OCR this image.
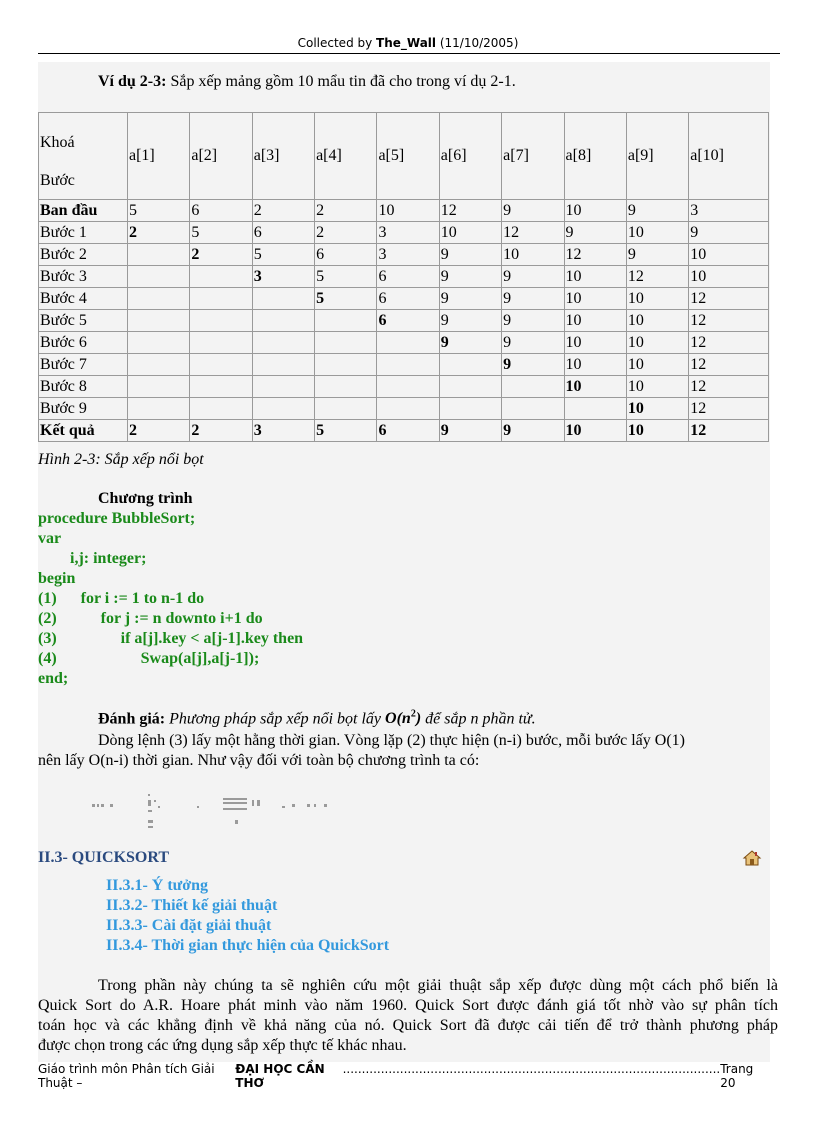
Collected by The_Wall (11/10/2005)
Ví dụ 2-3: Sắp xếp mảng gồm 10 mẩu tin đã cho trong ví dụ 2-1.
Khoá
Bước	a[1]	a[2]	a[3]	a[4]	a[5]	a[6]	a[7]	a[8]	a[9]	a[10]
Ban đầu	5	6	2	2	10	12	9	10	9	3
Bước 1	2	5	6	2	3	10	12	9	10	9
Bước 2		2	5	6	3	9	10	12	9	10
Bước 3			3	5	6	9	9	10	12	10
Bước 4				5	6	9	9	10	10	12
Bước 5					6	9	9	10	10	12
Bước 6						9	9	10	10	12
Bước 7							9	10	10	12
Bước 8								10	10	12
Bước 9									10	12
Kết quả	2	2	3	5	6	9	9	10	10	12
Hình 2-3: Sắp xếp nổi bọt
Chương trình
procedure BubbleSort;
var
i,j: integer;
begin
(1)      for i := 1 to n-1 do
(2)           for j := n downto i+1 do
(3)                if a[j].key < a[j-1].key then
(4)                     Swap(a[j],a[j-1]);
end;
Đánh giá: Phương pháp sắp xếp nổi bọt lấy $O(n^2)$ để sắp n phần tử.
Dòng lệnh (3) lấy một hằng thời gian. Vòng lặp (2) thực hiện (n-i) bước, mỗi bước lấy O(1)
nên lấy O(n-i) thời gian. Như vậy đối với toàn bộ chương trình ta có:
II.3- QUICKSORT
II.3.1- Ý tưởng
II.3.2- Thiết kế giải thuật
II.3.3- Cài đặt giải thuật
II.3.4- Thời gian thực hiện của QuickSort
Trong phần này chúng ta sẽ nghiên cứu một giải thuật sắp xếp được dùng một cách phổ biến là
Quick Sort do A.R. Hoare phát minh vào năm 1960. Quick Sort được đánh giá tốt nhờ vào sự phân tích
toán học và các khẳng định về khả năng của nó. Quick Sort đã được cải tiến để trở thành phương pháp
được chọn trong các ứng dụng sắp xếp thực tế khác nhau.
Giáo trình môn Phân tích Giải Thuật –
ĐẠI HỌC CẦN THƠ
................................................................................................... Trang 20
